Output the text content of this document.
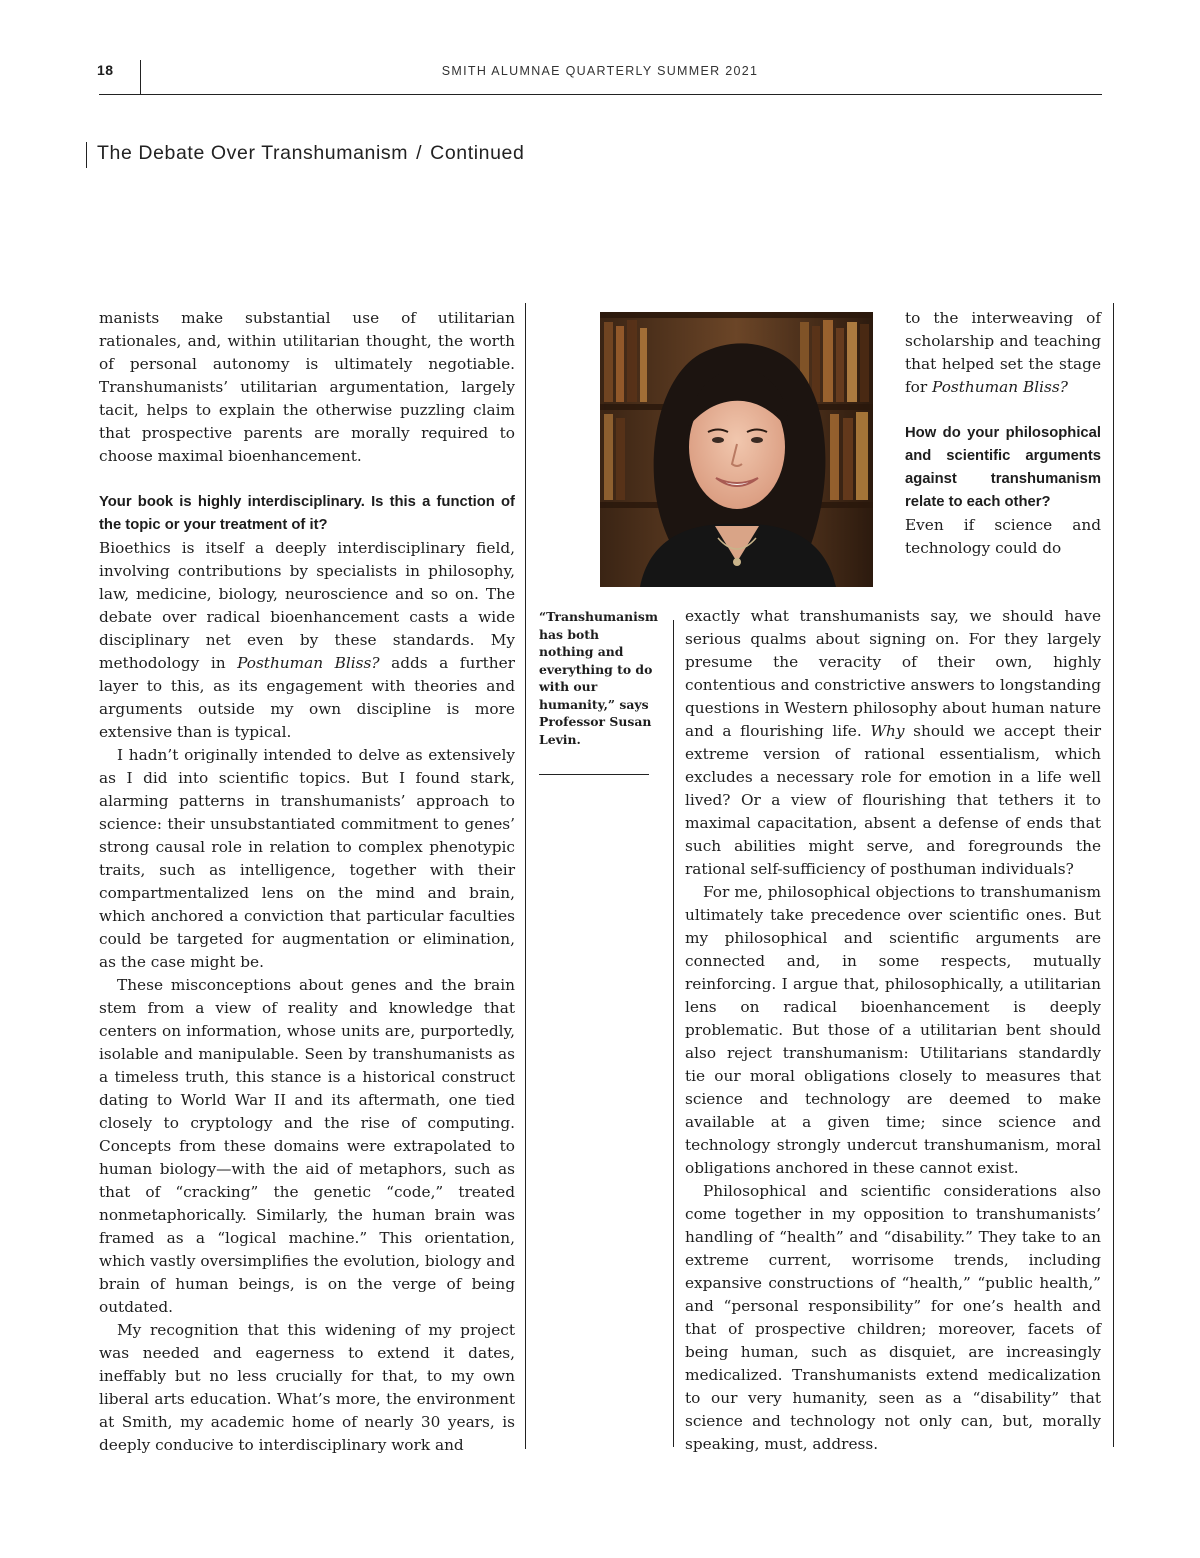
18	SMITH ALUMNAE QUARTERLY SUMMER 2021
The Debate Over Transhumanism / Continued

manists make substantial use of utilitarian rationales, and, within utilitarian thought, the worth of personal autonomy is ultimately negotiable. Transhumanists’ utilitarian argumentation, largely tacit, helps to explain the otherwise puzzling claim that prospective parents are morally required to choose maximal bioenhancement.

Your book is highly interdisciplinary. Is this a function of the topic or your treatment of it?

Bioethics is itself a deeply interdisciplinary field, involving contributions by specialists in philosophy, law, medicine, biology, neuroscience and so on. The debate over radical bioenhancement casts a wide disciplinary net even by these standards. My methodology in Posthuman Bliss? adds a further layer to this, as its engagement with theories and arguments outside my own discipline is more extensive than is typical.

I hadn’t originally intended to delve as extensively as I did into scientific topics. But I found stark, alarming patterns in transhumanists’ approach to science: their unsubstantiated commitment to genes’ strong causal role in relation to complex phenotypic traits, such as intelligence, together with their compartmentalized lens on the mind and brain, which anchored a conviction that particular faculties could be targeted for augmentation or elimination, as the case might be.

These misconceptions about genes and the brain stem from a view of reality and knowledge that centers on information, whose units are, purportedly, isolable and manipulable. Seen by transhumanists as a timeless truth, this stance is a historical construct dating to World War II and its aftermath, one tied closely to cryptology and the rise of computing. Concepts from these domains were extrapolated to human biology—with the aid of metaphors, such as that of “cracking” the genetic “code,” treated nonmetaphorically. Similarly, the human brain was framed as a “logical machine.” This orientation, which vastly oversimplifies the evolution, biology and brain of human beings, is on the verge of being outdated.

My recognition that this widening of my project was needed and eagerness to extend it dates, ineffably but no less crucially for that, to my own liberal arts education. What’s more, the environment at Smith, my academic home of nearly 30 years, is deeply conducive to interdisciplinary work and

“Transhumanism has both nothing and everything to do with our humanity,” says Professor Susan Levin.

to the interweaving of scholarship and teaching that helped set the stage for Posthuman Bliss?

How do your philosophical and scientific arguments against transhumanism relate to each other?

Even if science and technology could do

exactly what transhumanists say, we should have serious qualms about signing on. For they largely presume the veracity of their own, highly contentious and constrictive answers to longstanding questions in Western philosophy about human nature and a flourishing life. Why should we accept their extreme version of rational essentialism, which excludes a necessary role for emotion in a life well lived? Or a view of flourishing that tethers it to maximal capacitation, absent a defense of ends that such abilities might serve, and foregrounds the rational self-sufficiency of posthuman individuals?

For me, philosophical objections to transhumanism ultimately take precedence over scientific ones. But my philosophical and scientific arguments are connected and, in some respects, mutually reinforcing. I argue that, philosophically, a utilitarian lens on radical bioenhancement is deeply problematic. But those of a utilitarian bent should also reject transhumanism: Utilitarians standardly tie our moral obligations closely to measures that science and technology are deemed to make available at a given time; since science and technology strongly undercut transhumanism, moral obligations anchored in these cannot exist.

Philosophical and scientific considerations also come together in my opposition to transhumanists’ handling of “health” and “disability.” They take to an extreme current, worrisome trends, including expansive constructions of “health,” “public health,” and “personal responsibility” for one’s health and that of prospective children; moreover, facets of being human, such as disquiet, are increasingly medicalized. Transhumanists extend medicalization to our very humanity, seen as a “disability” that science and technology not only can, but, morally speaking, must, address.
